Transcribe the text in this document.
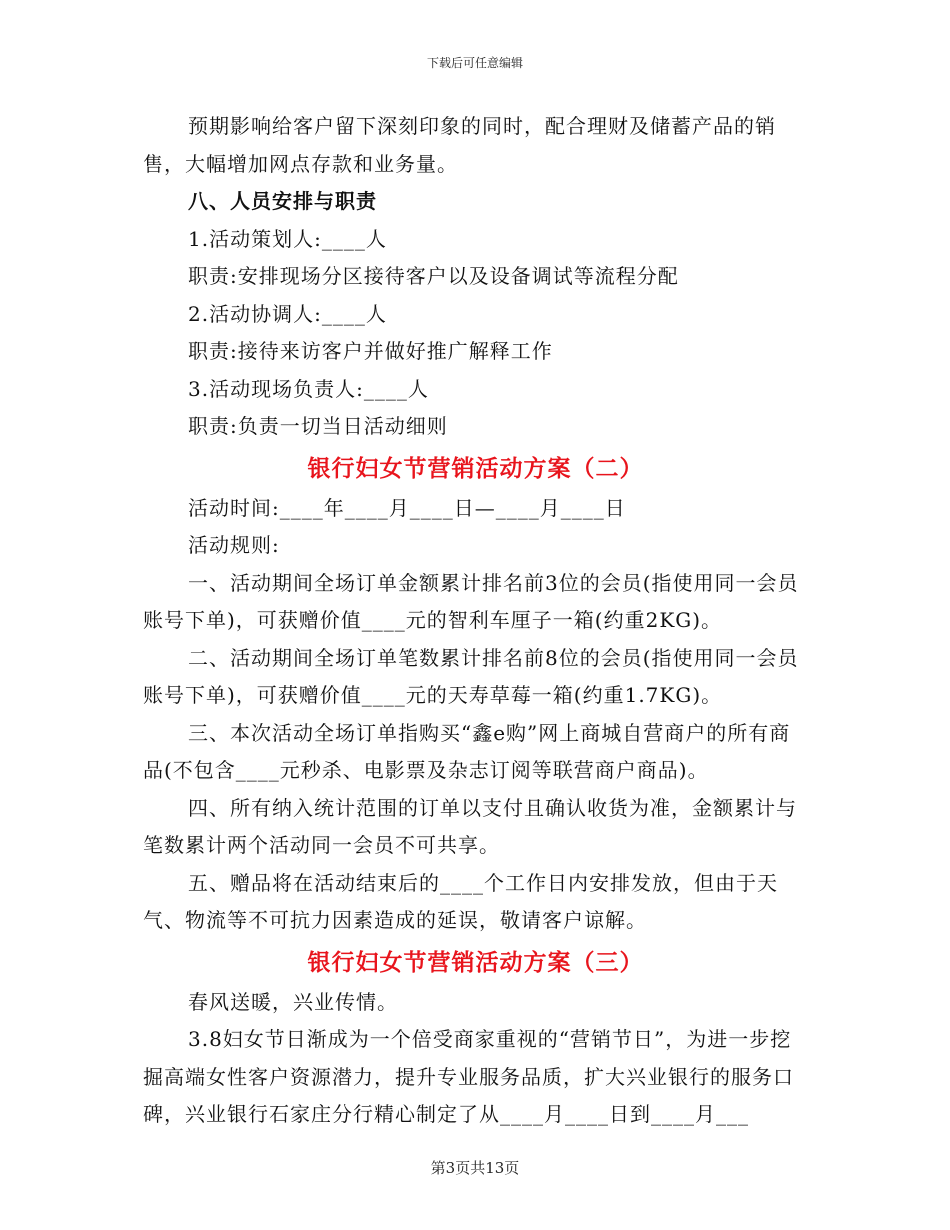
下载后可任意编辑

预期影响给客户留下深刻印象的同时，配合理财及储蓄产品的销售，大幅增加网点存款和业务量。

八、人员安排与职责

1.活动策划人:____人

职责:安排现场分区接待客户以及设备调试等流程分配

2.活动协调人:____人

职责:接待来访客户并做好推广解释工作

3.活动现场负责人:____人

职责:负责一切当日活动细则

银行妇女节营销活动方案（二）

活动时间:____年____月____日—____月____日

活动规则:

一、活动期间全场订单金额累计排名前3位的会员(指使用同一会员账号下单)，可获赠价值____元的智利车厘子一箱(约重2KG)。

二、活动期间全场订单笔数累计排名前8位的会员(指使用同一会员账号下单)，可获赠价值____元的天寿草莓一箱(约重1.7KG)。

三、本次活动全场订单指购买“鑫e购”网上商城自营商户的所有商品(不包含____元秒杀、电影票及杂志订阅等联营商户商品)。

四、所有纳入统计范围的订单以支付且确认收货为准，金额累计与笔数累计两个活动同一会员不可共享。

五、赠品将在活动结束后的____个工作日内安排发放，但由于天气、物流等不可抗力因素造成的延误，敬请客户谅解。

银行妇女节营销活动方案（三）

春风送暖，兴业传情。

3.8妇女节日渐成为一个倍受商家重视的“营销节日”，为进一步挖掘高端女性客户资源潜力，提升专业服务品质，扩大兴业银行的服务口碑，兴业银行石家庄分行精心制定了从____月____日到____月___

第3页共13页
